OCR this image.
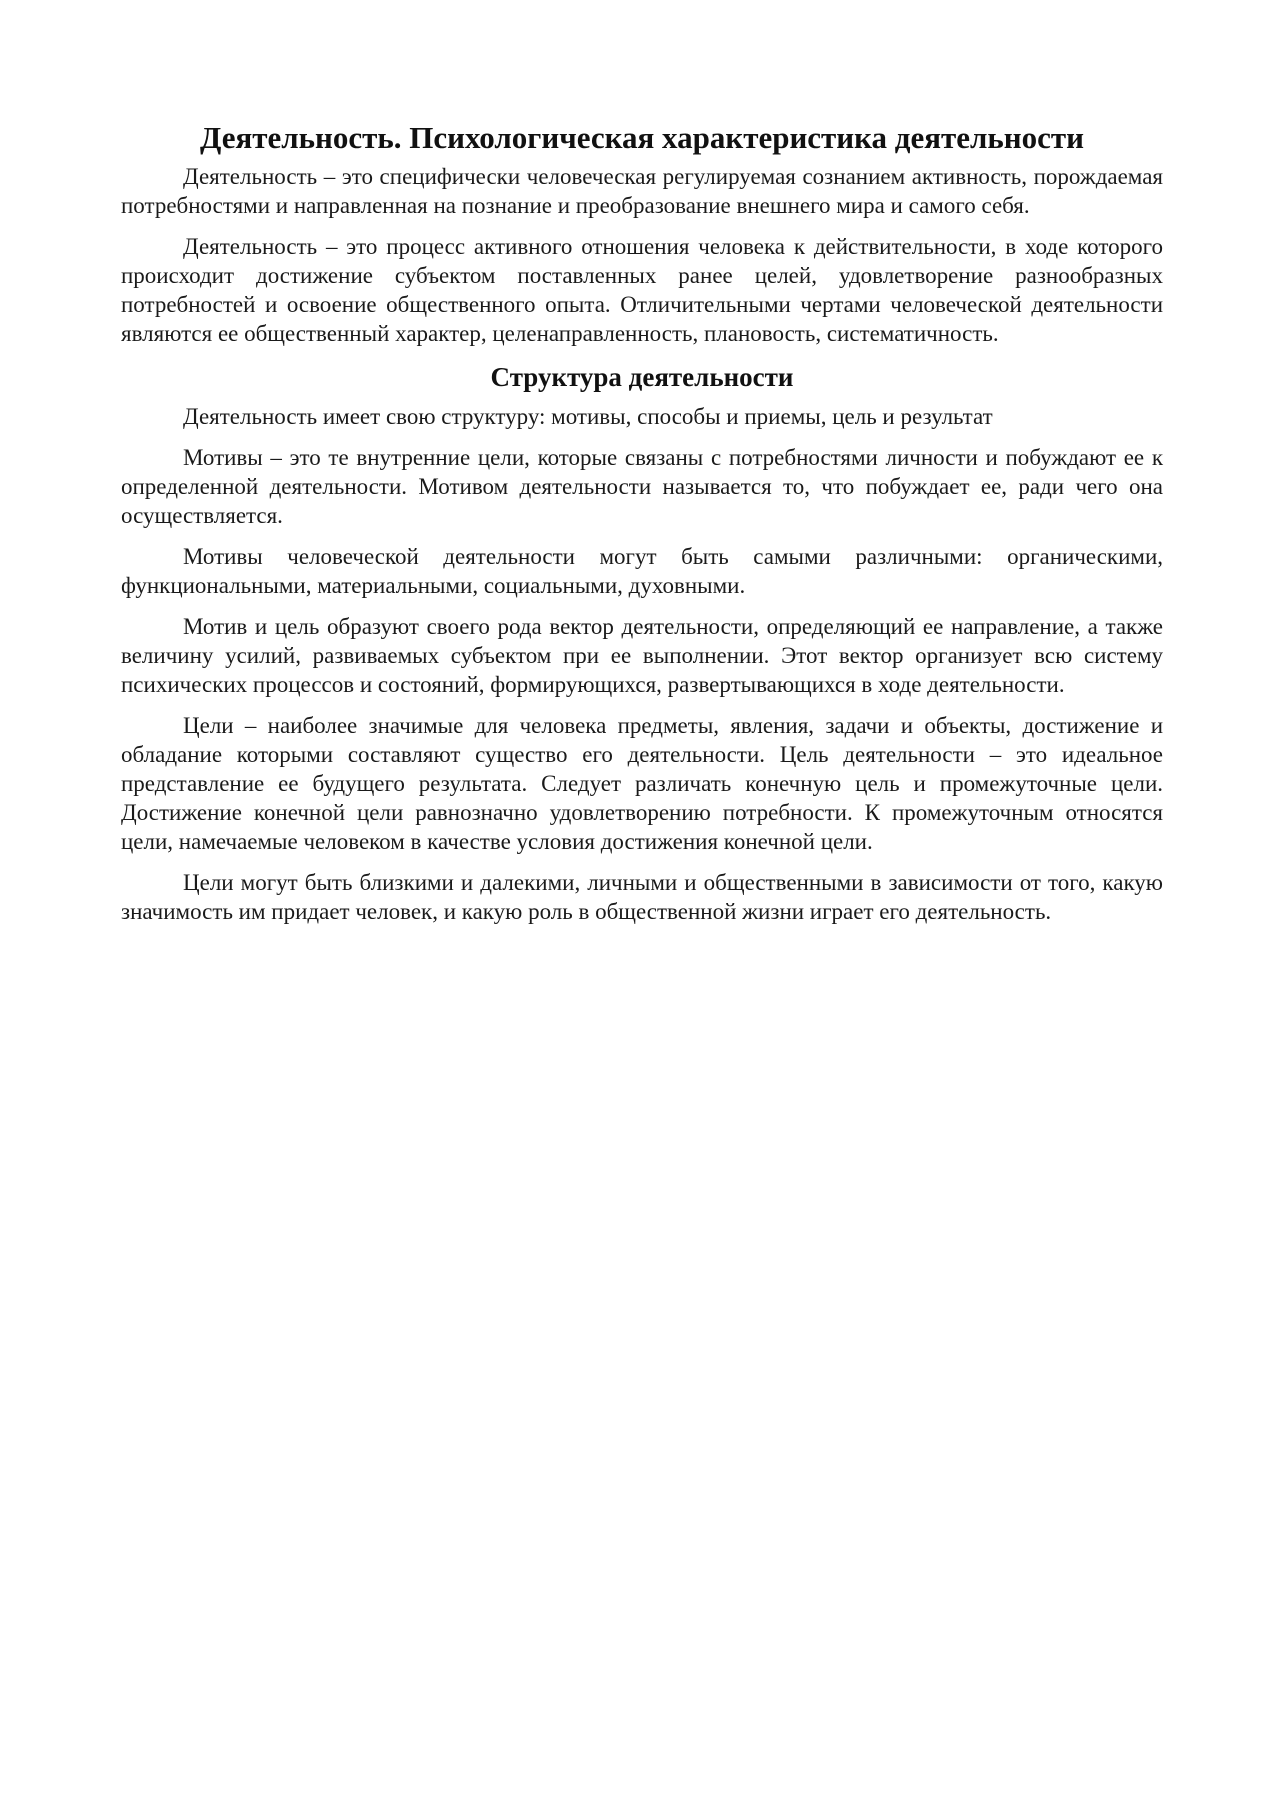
Деятельность. Психологическая характеристика деятельности

Деятельность – это специфически человеческая регулируемая сознанием активность, порождаемая потребностями и направленная на познание и преобразование внешнего мира и самого себя.

Деятельность – это процесс активного отношения человека к действительности, в ходе которого происходит достижение субъектом поставленных ранее целей, удовлетворение разнообразных потребностей и освоение общественного опыта. Отличительными чертами человеческой деятельности являются ее общественный характер, целенаправленность, плановость, систематичность.

Структура деятельности

Деятельность имеет свою структуру: мотивы, способы и приемы, цель и результат

Мотивы – это те внутренние цели, которые связаны с потребностями личности и побуждают ее к определенной деятельности. Мотивом деятельности называется то, что побуждает ее, ради чего она осуществляется.

Мотивы человеческой деятельности могут быть самыми различными: органическими, функциональными, материальными, социальными, духовными.

Мотив и цель образуют своего рода вектор деятельности, определяющий ее направление, а также величину усилий, развиваемых субъектом при ее выполнении. Этот вектор организует всю систему психических процессов и состояний, формирующихся, развертывающихся в ходе деятельности.

Цели – наиболее значимые для человека предметы, явления, задачи и объекты, достижение и обладание которыми составляют существо его деятельности. Цель деятельности – это идеальное представление ее будущего результата. Следует различать конечную цель и промежуточные цели. Достижение конечной цели равнозначно удовлетворению потребности. К промежуточным относятся цели, намечаемые человеком в качестве условия достижения конечной цели.

Цели могут быть близкими и далекими, личными и общественными в зависимости от того, какую значимость им придает человек, и какую роль в общественной жизни играет его деятельность.
